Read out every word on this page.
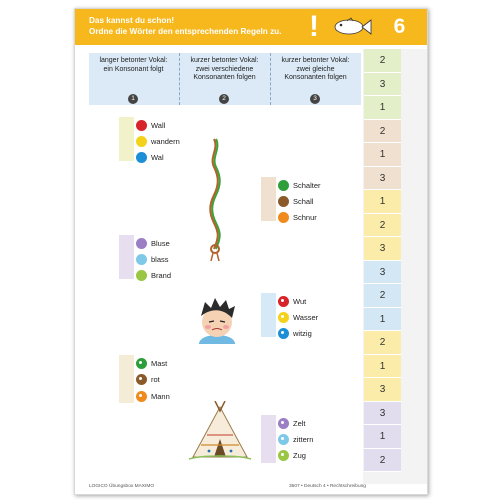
Das kannst du schon!
Ordne die Wörter den entsprechenden Regeln zu. !	6
langer betonter Vokal:
ein Konsonant folgt
1
kurzer betonter Vokal:
zwei verschiedene
Konsonanten folgen
2
kurzer betonter Vokal:
zwei gleiche
Konsonanten folgen
3
Wall
wandern
Wal
Schalter
Schall
Schnur
Bluse
blass
Brand
Wut
Wasser
witzig
Mast
rot
Mann
Zelt
zittern
Zug
2
3
1
2
1
3
1
2
3
3
2
1
2
1
3
3
1
2
LOGICO Übungsbox MAXIMO	3607 • Deutsch 4 • Rechtschreibung
